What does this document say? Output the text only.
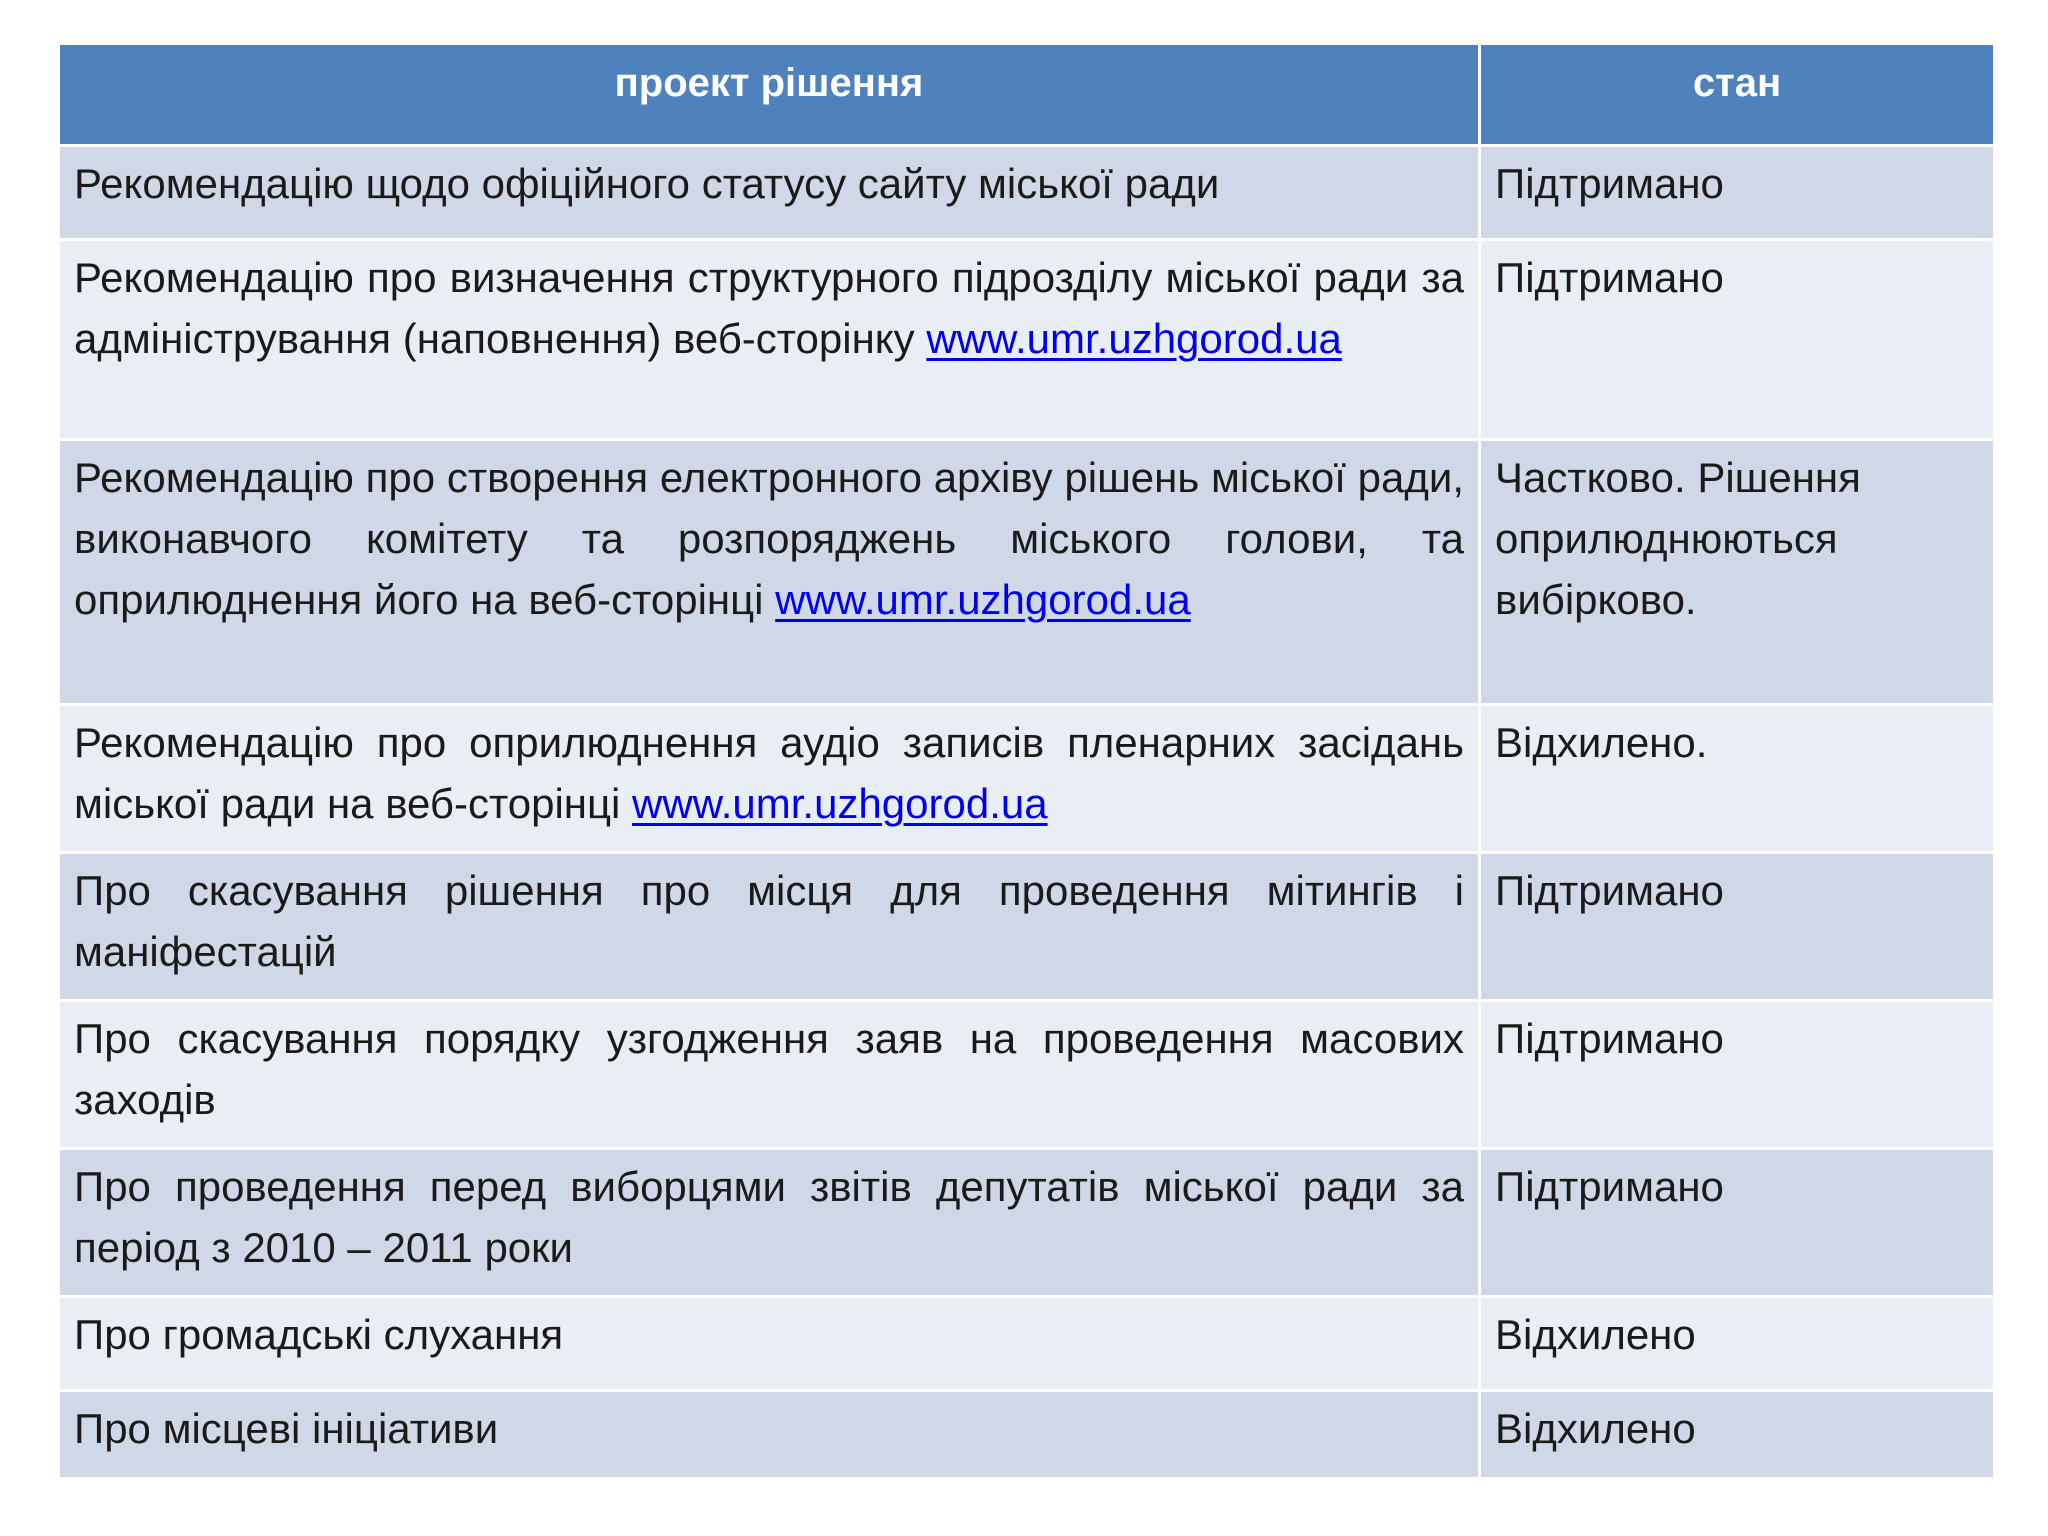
проект рішення	стан
Рекомендацію щодо офіційного статусу сайту міської ради	Підтримано
Рекомендацію про визначення структурного підрозділу міської ради за адміністрування (наповнення) веб-сторінку www.umr.uzhgorod.ua	Підтримано
Рекомендацію про створення електронного архіву рішень міської ради, виконавчого комітету та розпоряджень міського голови, та оприлюднення його на веб-сторінці www.umr.uzhgorod.ua	Частково. Рішення оприлюднюються вибірково.
Рекомендацію про оприлюднення аудіо записів пленарних засідань міської ради на веб-сторінці www.umr.uzhgorod.ua	Відхилено.
Про скасування рішення про місця для проведення мітингів і маніфестацій	Підтримано
Про скасування порядку узгодження заяв на проведення масових заходів	Підтримано
Про проведення перед виборцями звітів депутатів міської ради за період з 2010 – 2011 роки	Підтримано
Про громадські слухання	Відхилено
Про місцеві ініціативи	Відхилено
